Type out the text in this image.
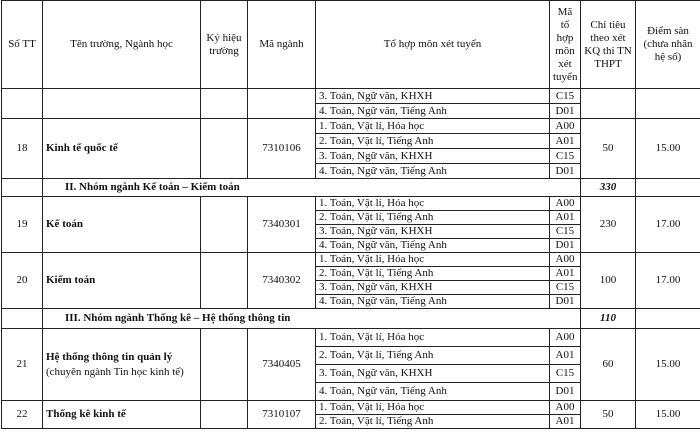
Số TT	Tên trường, Ngành học	Ký hiệu trường	Mã ngành	Tổ hợp môn xét tuyển	Mã tổ hợp môn xét tuyển	Chỉ tiêu theo xét KQ thi TN THPT	Điểm sàn (chưa nhân hệ số)
				3. Toán, Ngữ văn, KHXH	C15		
				4. Toán, Ngữ văn, Tiếng Anh	D01		
18	Kinh tế quốc tế		7310106	1. Toán, Vật lí, Hóa học	A00	50	15.00
				2. Toán, Vật lí, Tiếng Anh	A01		
				3. Toán, Ngữ văn, KHXH	C15		
				4. Toán, Ngữ văn, Tiếng Anh	D01		
	II. Nhóm ngành Kế toán – Kiểm toán					330	
19	Kế toán		7340301	1. Toán, Vật lí, Hóa học	A00	230	17.00
				2. Toán, Vật lí, Tiếng Anh	A01		
				3. Toán, Ngữ văn, KHXH	C15		
				4. Toán, Ngữ văn, Tiếng Anh	D01		
20	Kiểm toán		7340302	1. Toán, Vật lí, Hóa học	A00	100	17.00
				2. Toán, Vật lí, Tiếng Anh	A01		
				3. Toán, Ngữ văn, KHXH	C15		
				4. Toán, Ngữ văn, Tiếng Anh	D01		
	III. Nhóm ngành Thống kê – Hệ thống thông tin					110	
21	Hệ thống thông tin quản lý (chuyên ngành Tin học kinh tế)		7340405	1. Toán, Vật lí, Hóa học	A00	60	15.00
				2. Toán, Vật lí, Tiếng Anh	A01		
				3. Toán, Ngữ văn, KHXH	C15		
				4. Toán, Ngữ văn, Tiếng Anh	D01		
22	Thống kê kinh tế		7310107	1. Toán, Vật lí, Hóa học	A00	50	15.00
				2. Toán, Vật lí, Tiếng Anh	A01		
